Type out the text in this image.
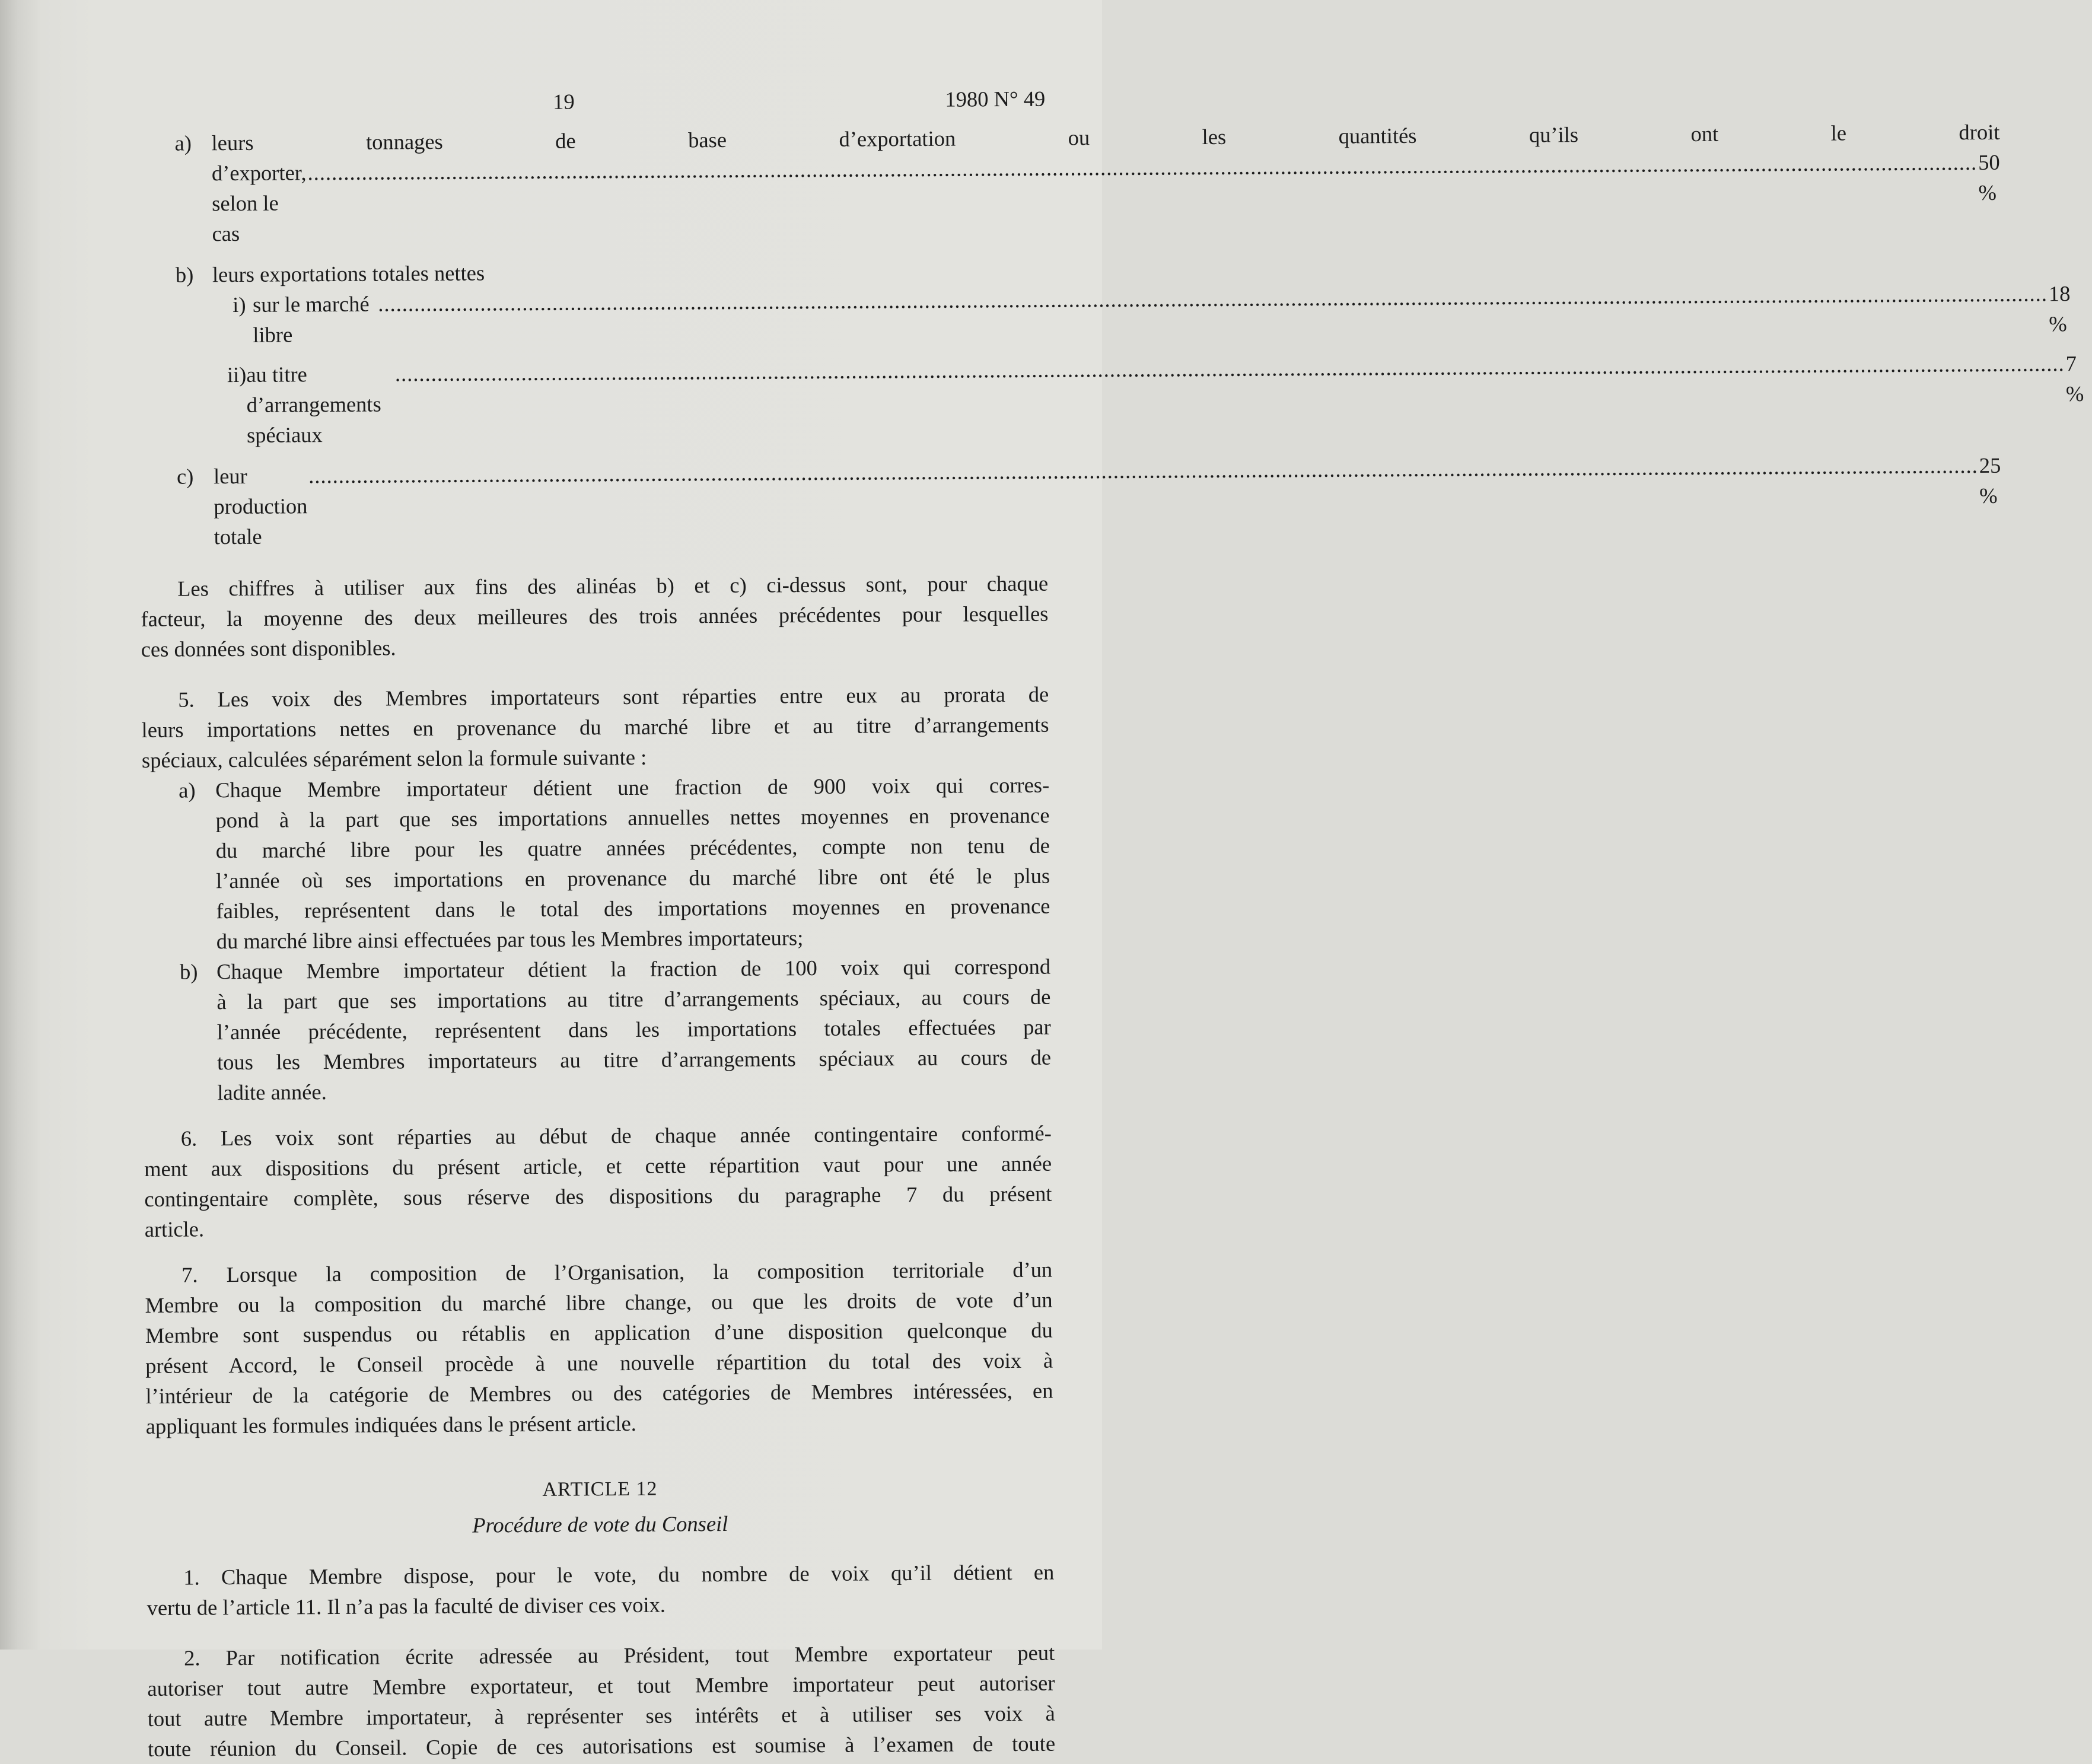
19	1980 N° 49
a) leurs tonnages de base d’exportation ou les quantités qu’ils ont le droit
d’exporter, selon le cas
.....
50 %
b) leurs exportations totales nettes
i) sur le marché libre
.....
18 %
ii) au titre d’arrangements spéciaux
.....
7 %
c) leur production totale
.....
25 %
Les chiffres à utiliser aux fins des alinéas b) et c) ci-dessus sont, pour chaque
facteur, la moyenne des deux meilleures des trois années précédentes pour lesquelles
ces données sont disponibles.
5. Les voix des Membres importateurs sont réparties entre eux au prorata de
leurs importations nettes en provenance du marché libre et au titre d’arrangements
spéciaux, calculées séparément selon la formule suivante :
a) Chaque Membre importateur détient une fraction de 900 voix qui corres-
pond à la part que ses importations annuelles nettes moyennes en provenance
du marché libre pour les quatre années précédentes, compte non tenu de
l’année où ses importations en provenance du marché libre ont été le plus
faibles, représentent dans le total des importations moyennes en provenance
du marché libre ainsi effectuées par tous les Membres importateurs;
b) Chaque Membre importateur détient la fraction de 100 voix qui correspond
à la part que ses importations au titre d’arrangements spéciaux, au cours de
l’année précédente, représentent dans les importations totales effectuées par
tous les Membres importateurs au titre d’arrangements spéciaux au cours de
ladite année.
6. Les voix sont réparties au début de chaque année contingentaire conformé-
ment aux dispositions du présent article, et cette répartition vaut pour une année
contingentaire complète, sous réserve des dispositions du paragraphe 7 du présent
article.
7. Lorsque la composition de l’Organisation, la composition territoriale d’un
Membre ou la composition du marché libre change, ou que les droits de vote d’un
Membre sont suspendus ou rétablis en application d’une disposition quelconque du
présent Accord, le Conseil procède à une nouvelle répartition du total des voix à
l’intérieur de la catégorie de Membres ou des catégories de Membres intéressées, en
appliquant les formules indiquées dans le présent article.
ARTICLE 12
Procédure de vote du Conseil
1. Chaque Membre dispose, pour le vote, du nombre de voix qu’il détient en
vertu de l’article 11. Il n’a pas la faculté de diviser ces voix.
2. Par notification écrite adressée au Président, tout Membre exportateur peut
autoriser tout autre Membre exportateur, et tout Membre importateur peut autoriser
tout autre Membre importateur, à représenter ses intérêts et à utiliser ses voix à
toute réunion du Conseil. Copie de ces autorisations est soumise à l’examen de toute
